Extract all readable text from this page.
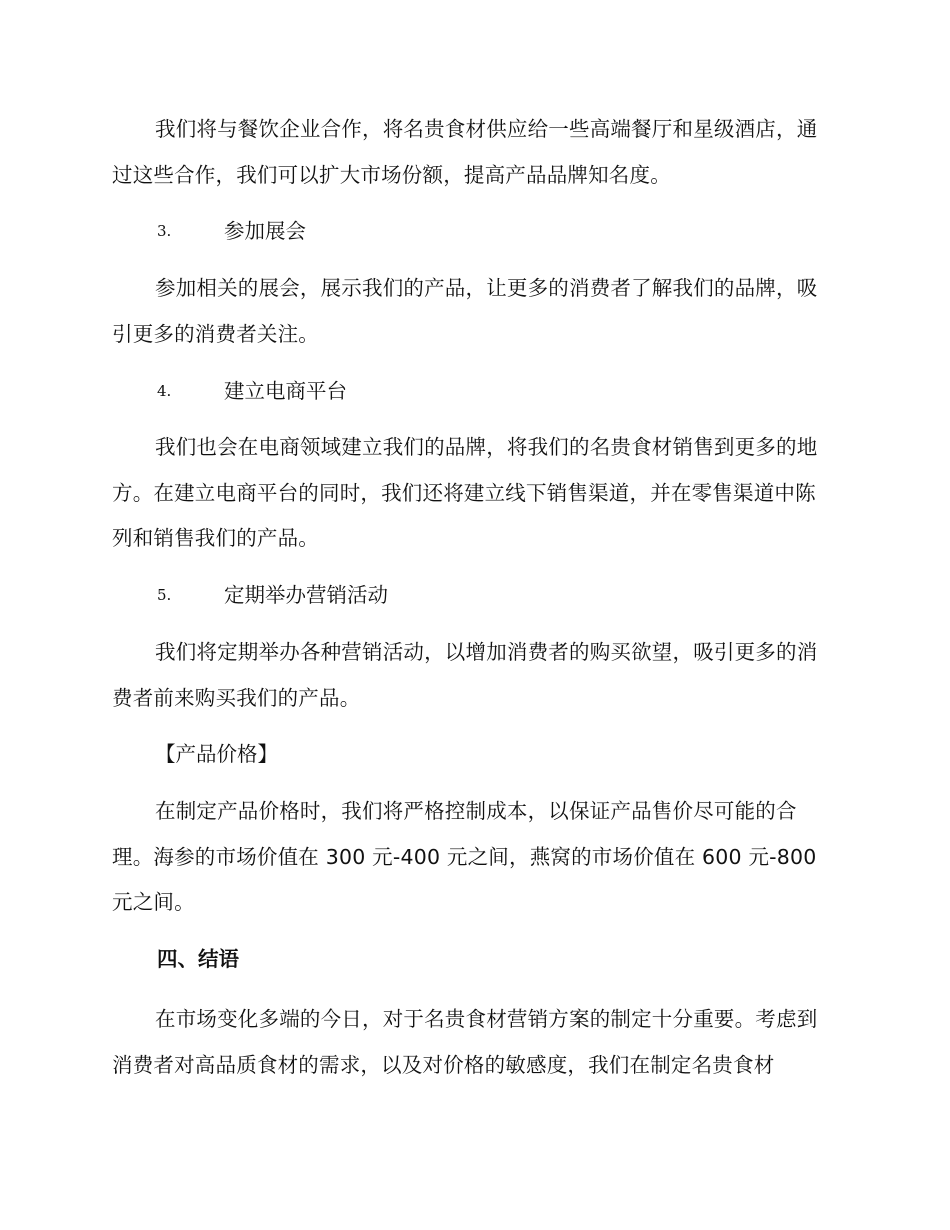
我们将与餐饮企业合作，将名贵食材供应给一些高端餐厅和星级酒店，通过这些合作，我们可以扩大市场份额，提高产品品牌知名度。

3.	参加展会

参加相关的展会，展示我们的产品，让更多的消费者了解我们的品牌，吸引更多的消费者关注。

4.	建立电商平台

我们也会在电商领域建立我们的品牌，将我们的名贵食材销售到更多的地方。在建立电商平台的同时，我们还将建立线下销售渠道，并在零售渠道中陈列和销售我们的产品。

5.	定期举办营销活动

我们将定期举办各种营销活动，以增加消费者的购买欲望，吸引更多的消费者前来购买我们的产品。

【产品价格】

在制定产品价格时，我们将严格控制成本，以保证产品售价尽可能的合理。海参的市场价值在 300 元-400 元之间，燕窝的市场价值在 600 元-800 元之间。

四、结语

在市场变化多端的今日，对于名贵食材营销方案的制定十分重要。考虑到消费者对高品质食材的需求，以及对价格的敏感度，我们在制定名贵食材
